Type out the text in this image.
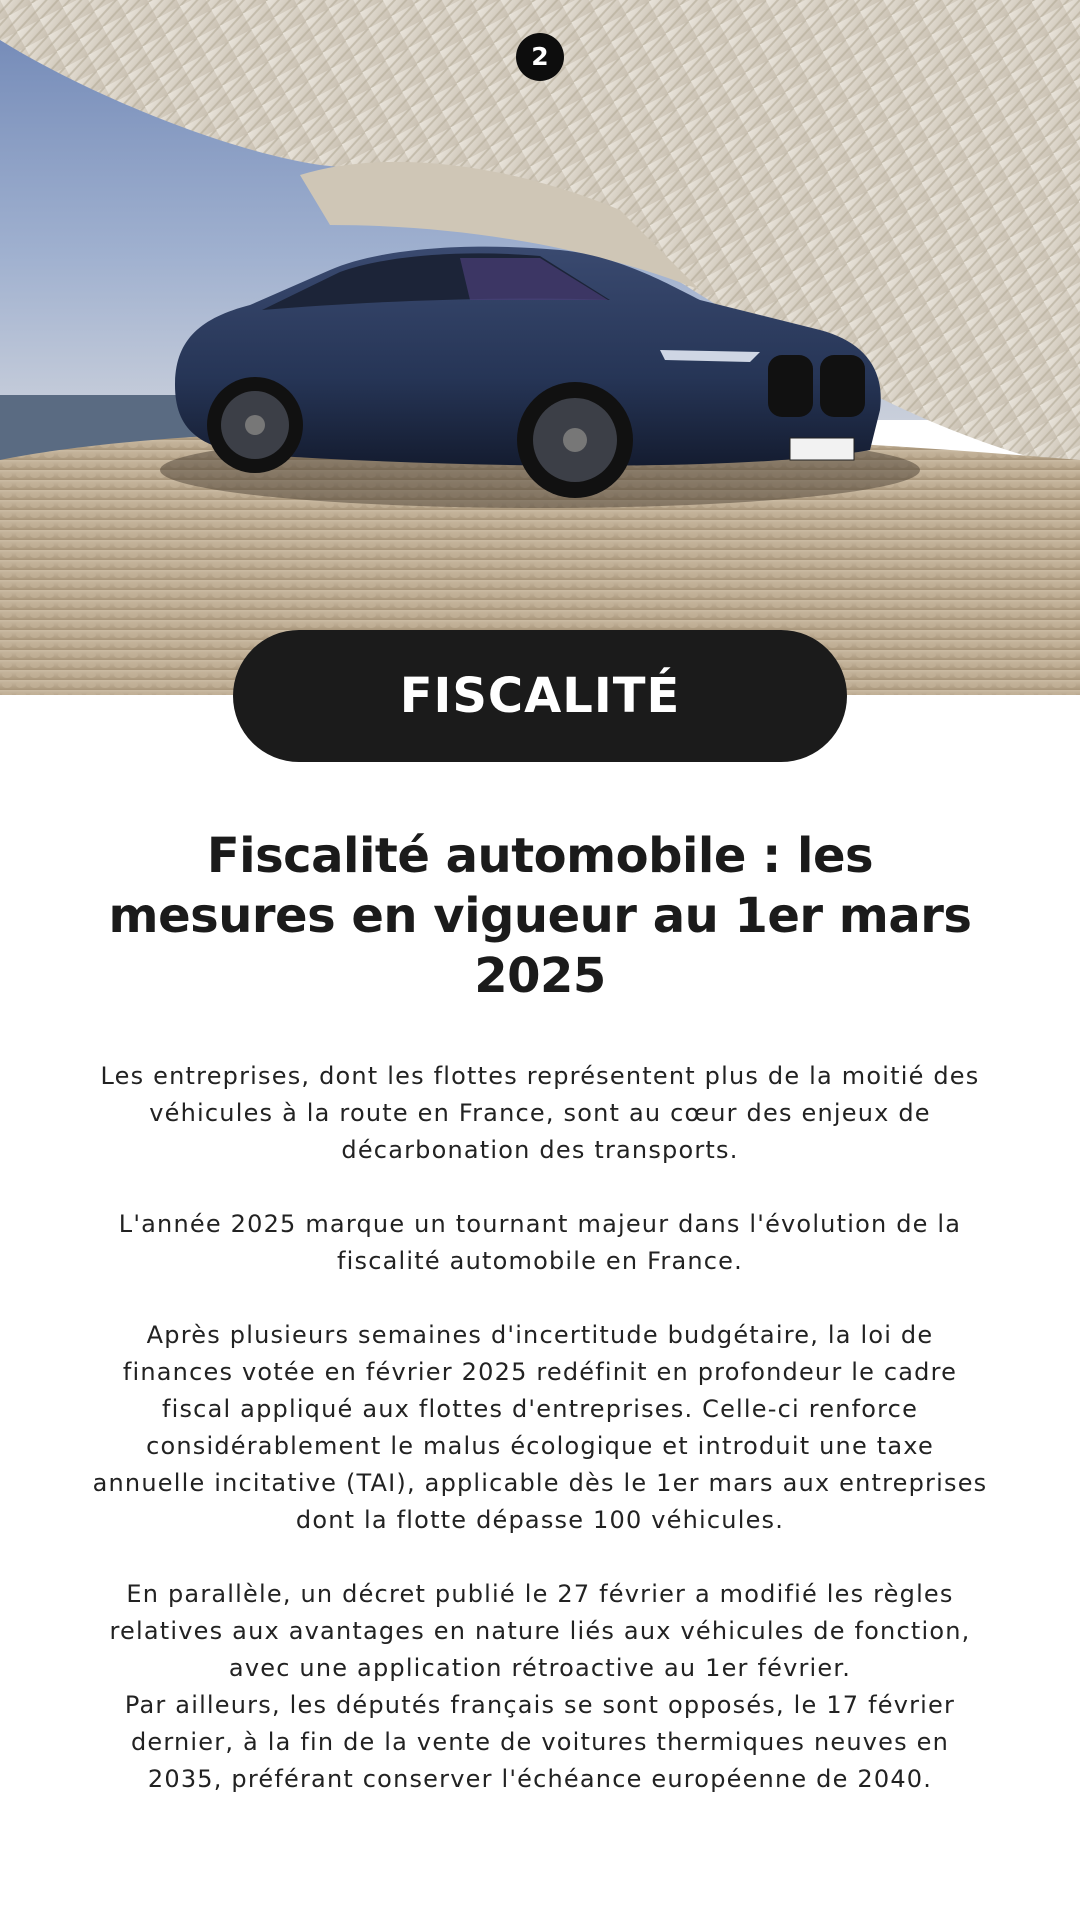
2
FISCALITÉ
Fiscalité automobile : les mesures en vigueur au 1er mars 2025

Les entreprises, dont les flottes représentent plus de la moitié des véhicules à la route en France, sont au cœur des enjeux de décarbonation des transports.

L'année 2025 marque un tournant majeur dans l'évolution de la fiscalité automobile en France.

Après plusieurs semaines d'incertitude budgétaire, la loi de finances votée en février 2025 redéfinit en profondeur le cadre fiscal appliqué aux flottes d'entreprises. Celle-ci renforce considérablement le malus écologique et introduit une taxe annuelle incitative (TAI), applicable dès le 1er mars aux entreprises dont la flotte dépasse 100 véhicules.

En parallèle, un décret publié le 27 février a modifié les règles relatives aux avantages en nature liés aux véhicules de fonction, avec une application rétroactive au 1er février.

Par ailleurs, les députés français se sont opposés, le 17 février dernier, à la fin de la vente de voitures thermiques neuves en 2035, préférant conserver l'échéance européenne de 2040.
